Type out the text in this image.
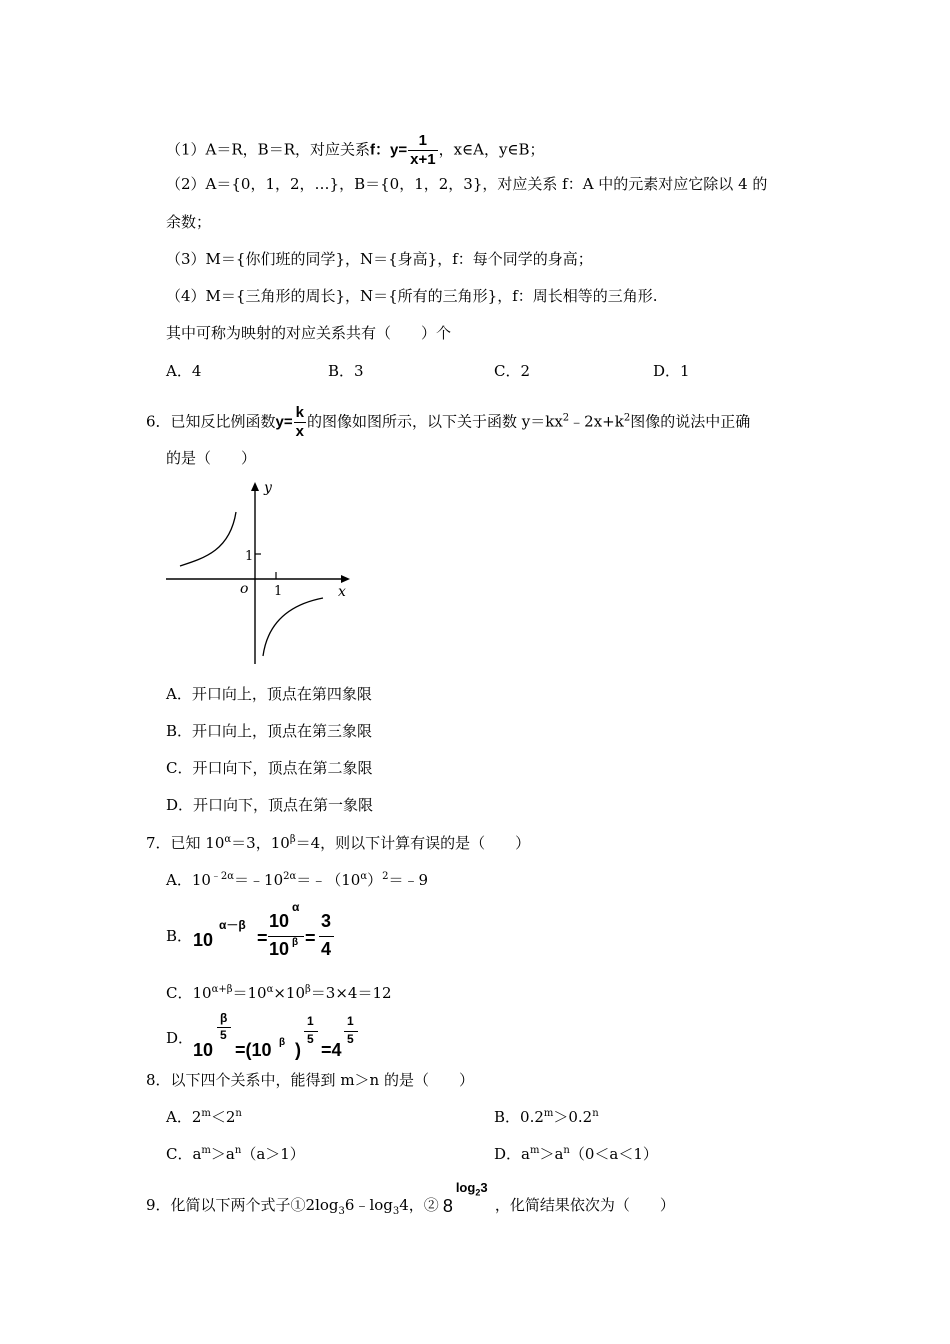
（1）A＝R，B＝R，对应关系f：$y= \frac{1}{x+1}$ ，x∈A，y∈B；
（2）A＝{0，1，2，…}，B＝{0，1，2，3}，对应关系 f：A 中的元素对应它除以 4 的
余数；
（3）M＝{你们班的同学}，N＝{身高}，f：每个同学的身高；
（4）M＝{三角形的周长}，N＝{所有的三角形}，f：周长相等的三角形.
其中可称为映射的对应关系共有（　　）个
A．4	B．3	C．2	D．1
6．已知反比例函数$y= \frac{k}{x}$ 的图像如图所示，以下关于函数 $y=kx^2﹣2x+k^2$图像的说法中正确
的是（　　）
y
x
o
1
1
A．开口向上，顶点在第四象限
B．开口向上，顶点在第三象限
C．开口向下，顶点在第二象限
D．开口向下，顶点在第一象限
7．已知 $10^\alpha=3$，$10^\beta=4$，则以下计算有误的是（　　）
A．$10^{﹣2\alpha}=﹣10^{2\alpha}=﹣(10^\alpha)^2=﹣9$
B． 10
α－β
=
10
α
10 β =
3
4
C．$10^{\alpha+\beta}=10^\alpha\times 10^\beta=3\times 4=12$
D．
10
β
5
=(10 β )
1
5
=4
1
5
8．以下四个关系中，能得到 m＞n 的是（　　）
A．$2^m<2^n$	B．$0.2^m>0.2^n$
C．$a^m>a^n(a>1)$	D．$a^m>a^n(0<a<1)$
9．化简以下两个式子$①2\log_36﹣\log_34$，② 8
$\log_23$
，化简结果依次为（　　）
